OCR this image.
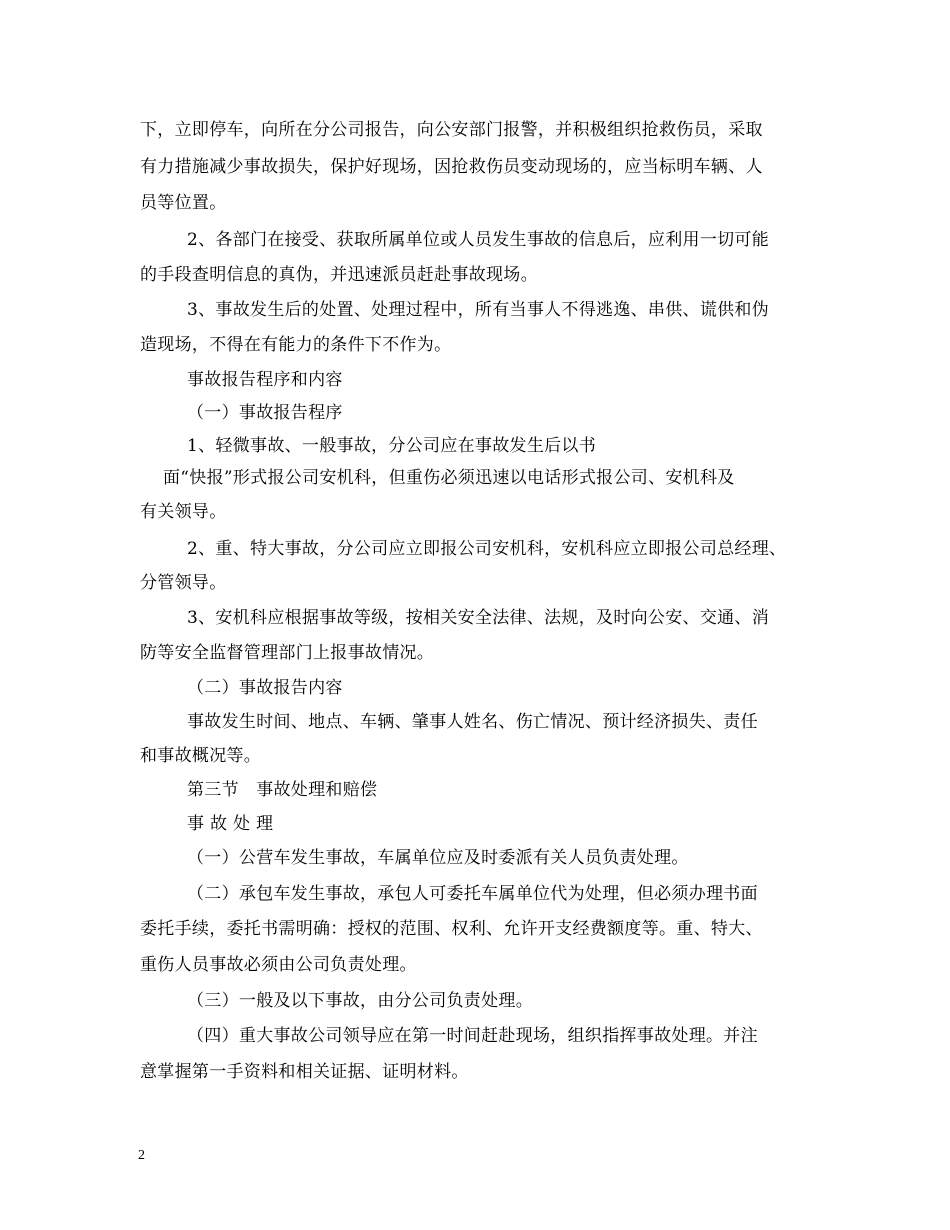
下，立即停车，向所在分公司报告，向公安部门报警，并积极组织抢救伤员，采取
有力措施减少事故损失，保护好现场，因抢救伤员变动现场的，应当标明车辆、人
员等位置。
2、各部门在接受、获取所属单位或人员发生事故的信息后，应利用一切可能
的手段查明信息的真伪，并迅速派员赶赴事故现场。
3、事故发生后的处置、处理过程中，所有当事人不得逃逸、串供、谎供和伪
造现场，不得在有能力的条件下不作为。
事故报告程序和内容
（一）事故报告程序
1、轻微事故、一般事故，分公司应在事故发生后以书
面“快报”形式报公司安机科，但重伤必须迅速以电话形式报公司、安机科及
有关领导。
2、重、特大事故，分公司应立即报公司安机科，安机科应立即报公司总经理、
分管领导。
3、安机科应根据事故等级，按相关安全法律、法规，及时向公安、交通、消
防等安全监督管理部门上报事故情况。
（二）事故报告内容
事故发生时间、地点、车辆、肇事人姓名、伤亡情况、预计经济损失、责任
和事故概况等。
第三节　事故处理和赔偿
事 故 处 理
（一）公营车发生事故，车属单位应及时委派有关人员负责处理。
（二）承包车发生事故，承包人可委托车属单位代为处理，但必须办理书面
委托手续，委托书需明确：授权的范围、权利、允许开支经费额度等。重、特大、
重伤人员事故必须由公司负责处理。
（三）一般及以下事故，由分公司负责处理。
（四）重大事故公司领导应在第一时间赶赴现场，组织指挥事故处理。并注
意掌握第一手资料和相关证据、证明材料。
2
